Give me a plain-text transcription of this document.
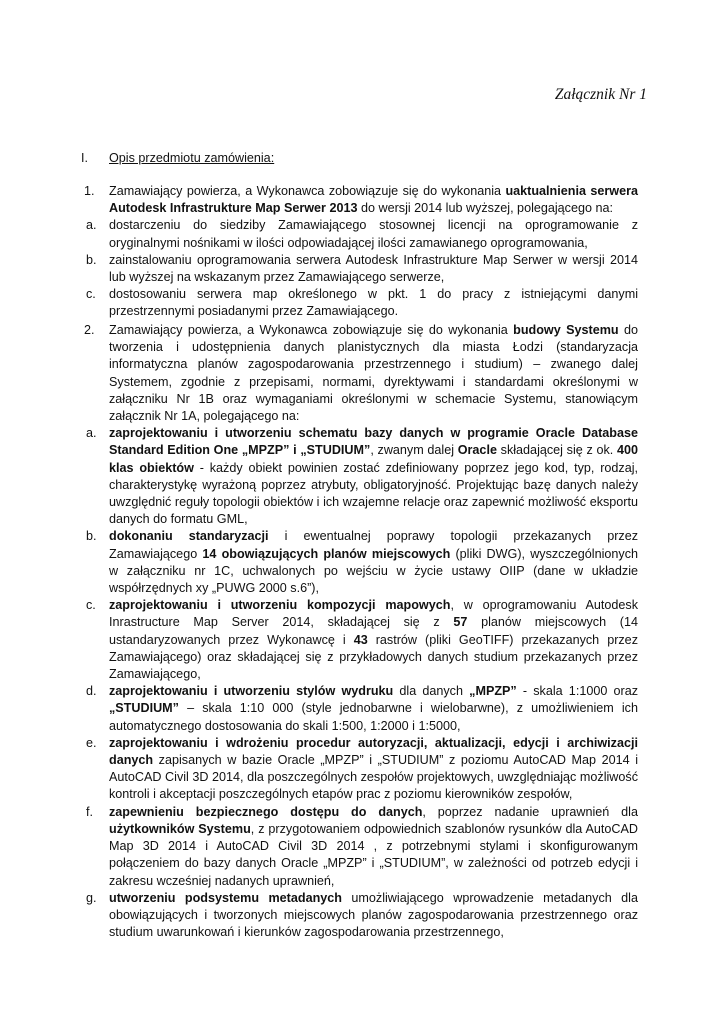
Załącznik Nr 1
I. Opis przedmiotu zamówienia:
1. Zamawiający powierza, a Wykonawca zobowiązuje się do wykonania uaktualnienia serwera Autodesk Infrastrukture Map Serwer 2013 do wersji 2014 lub wyższej, polegającego na:
a. dostarczeniu do siedziby Zamawiającego stosownej licencji na oprogramowanie z oryginalnymi nośnikami w ilości odpowiadającej ilości zamawianego oprogramowania,
b. zainstalowaniu oprogramowania serwera Autodesk Infrastrukture Map Serwer w wersji 2014 lub wyższej na wskazanym przez Zamawiającego serwerze,
c. dostosowaniu serwera map określonego w pkt. 1 do pracy z istniejącymi danymi przestrzennymi posiadanymi przez Zamawiającego.
2. Zamawiający powierza, a Wykonawca zobowiązuje się do wykonania budowy Systemu do tworzenia i udostępnienia danych planistycznych dla miasta Łodzi (standaryzacja informatyczna planów zagospodarowania przestrzennego i studium) – zwanego dalej Systemem, zgodnie z przepisami, normami, dyrektywami i standardami określonymi w załączniku Nr 1B oraz wymaganiami określonymi w schemacie Systemu, stanowiącym załącznik Nr 1A, polegającego na:
a. zaprojektowaniu i utworzeniu schematu bazy danych w programie Oracle Database Standard Edition One „MPZP” i „STUDIUM”, zwanym dalej Oracle składającej się z ok. 400 klas obiektów - każdy obiekt powinien zostać zdefiniowany poprzez jego kod, typ, rodzaj, charakterystykę wyrażoną poprzez atrybuty, obligatoryjność. Projektując bazę danych należy uwzględnić reguły topologii obiektów i ich wzajemne relacje oraz zapewnić możliwość eksportu danych do formatu GML,
b. dokonaniu standaryzacji i ewentualnej poprawy topologii przekazanych przez Zamawiającego 14 obowiązujących planów miejscowych (pliki DWG), wyszczególnionych w załączniku nr 1C, uchwalonych po wejściu w życie ustawy OIIP (dane w układzie współrzędnych xy „PUWG 2000 s.6”),
c. zaprojektowaniu i utworzeniu kompozycji mapowych, w oprogramowaniu Autodesk Inrastructure Map Server 2014, składającej się z 57 planów miejscowych (14 ustandaryzowanych przez Wykonawcę i 43 rastrów (pliki GeoTIFF) przekazanych przez Zamawiającego) oraz składającej się z przykładowych danych studium przekazanych przez Zamawiającego,
d. zaprojektowaniu i utworzeniu stylów wydruku dla danych „MPZP” - skala 1:1000 oraz „STUDIUM” – skala 1:10 000 (style jednobarwne i wielobarwne), z umożliwieniem ich automatycznego dostosowania do skali 1:500, 1:2000 i 1:5000,
e. zaprojektowaniu i wdrożeniu procedur autoryzacji, aktualizacji, edycji i archiwizacji danych zapisanych w bazie Oracle „MPZP” i „STUDIUM” z poziomu AutoCAD Map 2014 i AutoCAD Civil 3D 2014, dla poszczególnych zespołów projektowych, uwzględniając możliwość kontroli i akceptacji poszczególnych etapów prac z poziomu kierowników zespołów,
f. zapewnieniu bezpiecznego dostępu do danych, poprzez nadanie uprawnień dla użytkowników Systemu, z przygotowaniem odpowiednich szablonów rysunków dla AutoCAD Map 3D 2014 i AutoCAD Civil 3D 2014 , z potrzebnymi stylami i skonfigurowanym połączeniem do bazy danych Oracle „MPZP” i „STUDIUM”, w zależności od potrzeb edycji i zakresu wcześniej nadanych uprawnień,
g. utworzeniu podsystemu metadanych umożliwiającego wprowadzenie metadanych dla obowiązujących i tworzonych miejscowych planów zagospodarowania przestrzennego oraz studium uwarunkowań i kierunków zagospodarowania przestrzennego,
